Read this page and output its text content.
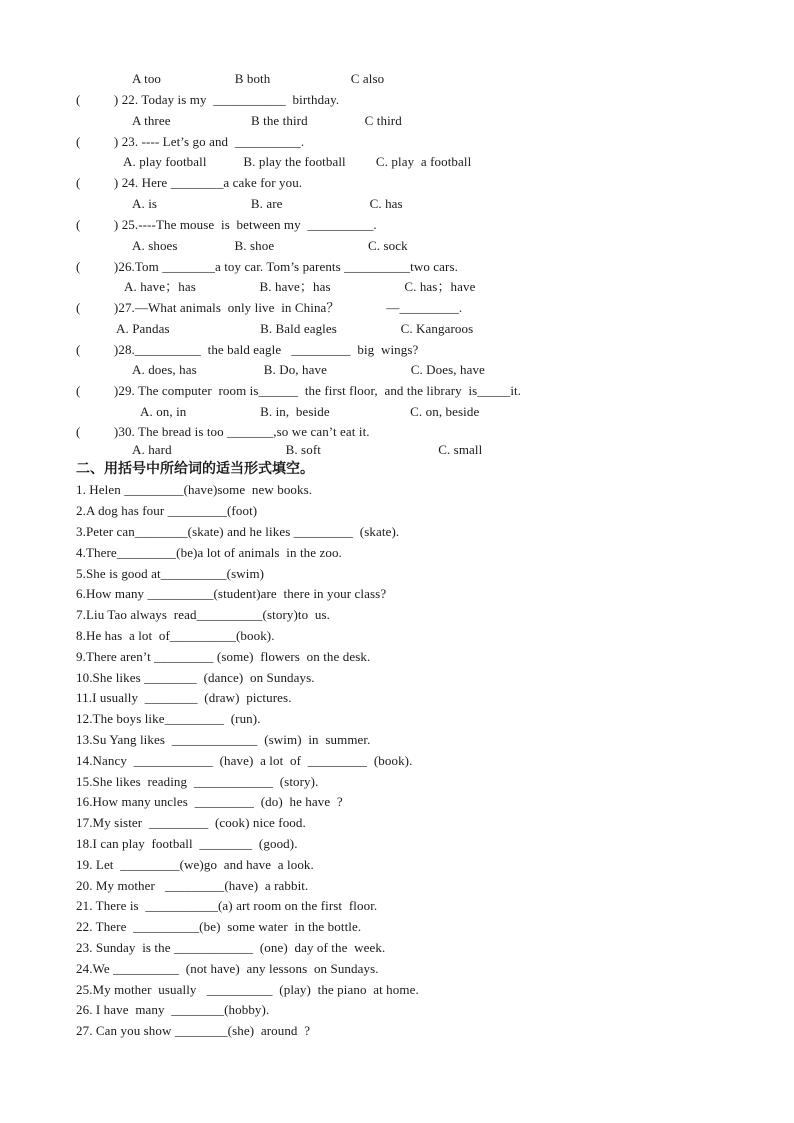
A too                      B both                        C also
(          ) 22. Today is my  ___________  birthday.
A three                        B the third                 C third
(          ) 23. ---- Let’s go and  __________.
A. play football           B. play the football         C. play  a football
(          ) 24. Here ________a cake for you.
A. is                            B. are                          C. has
(          ) 25.----The mouse  is  between my  __________.
A. shoes                 B. shoe                            C. sock
(          )26.Tom ________a toy car. Tom’s parents __________two cars.
A. have；has                   B. have；has                      C. has；have
(          )27.—What animals  only live  in China？              —_________.
A. Pandas                           B. Bald eagles                   C. Kangaroos
(          )28.__________  the bald eagle   _________  big  wings?
A. does, has                    B. Do, have                         C. Does, have
(          )29. The computer  room is______  the first floor,  and the library  is_____it.
A. on, in                      B. in,  beside                        C. on, beside
(          )30. The bread is too _______,so we can’t eat it.
A. hard                                  B. soft                                   C. small
二、用括号中所给词的适当形式填空。
1. Helen _________(have)some  new books.
2.A dog has four _________(foot)
3.Peter can________(skate) and he likes _________  (skate).
4.There_________(be)a lot of animals  in the zoo.
5.She is good at__________(swim)
6.How many __________(student)are  there in your class?
7.Liu Tao always  read__________(story)to  us.
8.He has  a lot  of__________(book).
9.There aren’t _________ (some)  flowers  on the desk.
10.She likes ________  (dance)  on Sundays.
11.I usually  ________  (draw)  pictures.
12.The boys like_________  (run).
13.Su Yang likes  _____________  (swim)  in  summer.
14.Nancy  ____________  (have)  a lot  of  _________  (book).
15.She likes  reading  ____________  (story).
16.How many uncles  _________  (do)  he have  ?
17.My sister  _________  (cook) nice food.
18.I can play  football  ________  (good).
19. Let  _________(we)go  and have  a look.
20. My mother   _________(have)  a rabbit.
21. There is  ___________(a) art room on the first  floor.
22. There  __________(be)  some water  in the bottle.
23. Sunday  is the ____________  (one)  day of the  week.
24.We __________  (not have)  any lessons  on Sundays.
25.My mother  usually   __________  (play)  the piano  at home.
26. I have  many  ________(hobby).
27. Can you show ________(she)  around  ?
